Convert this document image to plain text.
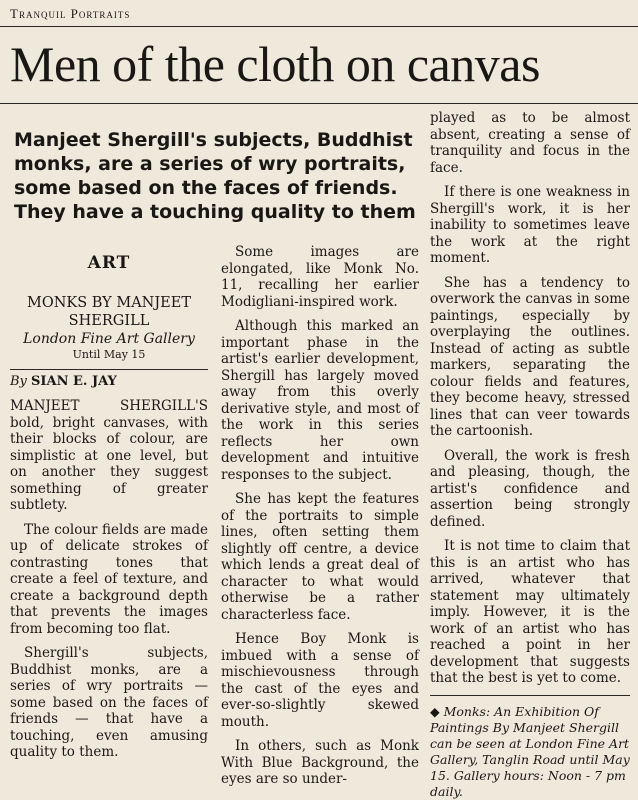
Tranquil Portraits
Men of the cloth on canvas
Manjeet Shergill's subjects, Buddhist monks, are a series of wry portraits, some based on the faces of friends. They have a touching quality to them
ART
MONKS BY MANJEET SHERGILL
London Fine Art Gallery
Until May 15
By SIAN E. JAY

MANJEET SHERGILL'S bold, bright canvases, with their blocks of colour, are simplistic at one level, but on another they suggest something of greater subtlety.

The colour fields are made up of delicate strokes of contrasting tones that create a feel of texture, and create a background depth that prevents the images from becoming too flat.

Shergill's subjects, Buddhist monks, are a series of wry portraits — some based on the faces of friends — that have a touching, even amusing quality to them.

Some images are elongated, like Monk No. 11, recalling her earlier Modigliani-inspired work.

Although this marked an important phase in the artist's earlier development, Shergill has largely moved away from this overly derivative style, and most of the work in this series reflects her own development and intuitive responses to the subject.

She has kept the features of the portraits to simple lines, often setting them slightly off centre, a device which lends a great deal of character to what would otherwise be a rather characterless face.

Hence Boy Monk is imbued with a sense of mischievousness through the cast of the eyes and ever-so-slightly skewed mouth.

In others, such as Monk With Blue Background, the eyes are so under-

played as to be almost absent, creating a sense of tranquility and focus in the face.

If there is one weakness in Shergill's work, it is her inability to sometimes leave the work at the right moment.

She has a tendency to overwork the canvas in some paintings, especially by overplaying the outlines. Instead of acting as subtle markers, separating the colour fields and features, they become heavy, stressed lines that can veer towards the cartoonish.

Overall, the work is fresh and pleasing, though, the artist's confidence and assertion being strongly defined.

It is not time to claim that this is an artist who has arrived, whatever that statement may ultimately imply. However, it is the work of an artist who has reached a point in her development that suggests that the best is yet to come.

◆ Monks: An Exhibition Of Paintings By Manjeet Shergill can be seen at London Fine Art Gallery, Tanglin Road until May 15. Gallery hours: Noon - 7 pm daily.
